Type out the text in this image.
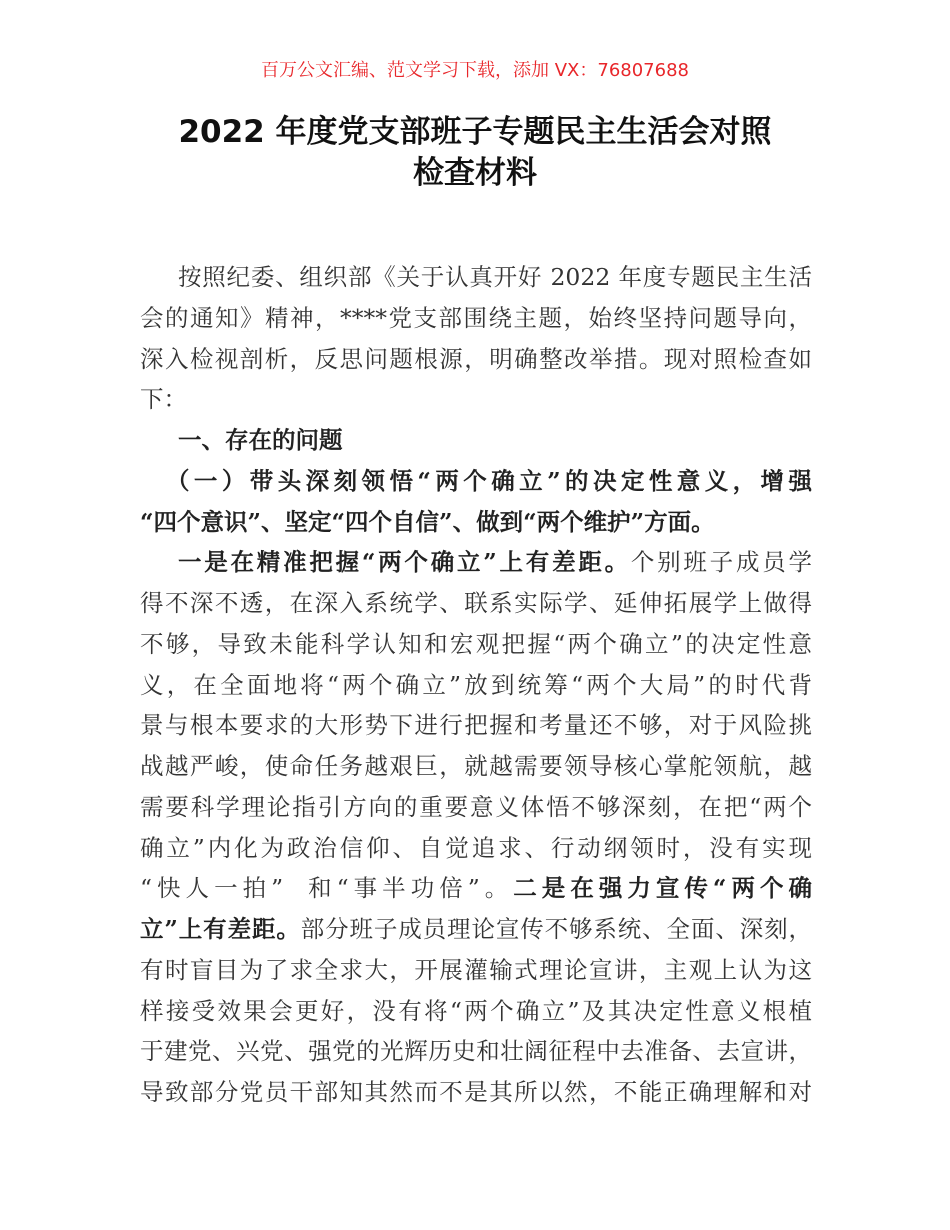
百万公文汇编、范文学习下载，添加 VX：76807688
2022 年度党支部班子专题民主生活会对照
检查材料
按照纪委、组织部《关于认真开好 2022 年度专题民主生活
会的通知》精神，****党支部围绕主题，始终坚持问题导向，
深入检视剖析，反思问题根源，明确整改举措。现对照检查如
下：
一、存在的问题
（一）带头深刻领悟“两个确立”的决定性意义，增强
“四个意识”、坚定“四个自信”、做到“两个维护”方面。
一是在精准把握“两个确立”上有差距。个别班子成员学
得不深不透，在深入系统学、联系实际学、延伸拓展学上做得
不够，导致未能科学认知和宏观把握“两个确立”的决定性意
义，在全面地将“两个确立”放到统筹“两个大局”的时代背
景与根本要求的大形势下进行把握和考量还不够，对于风险挑
战越严峻，使命任务越艰巨，就越需要领导核心掌舵领航，越
需要科学理论指引方向的重要意义体悟不够深刻，在把“两个
确立”内化为政治信仰、自觉追求、行动纲领时，没有实现
“快人一拍”  和“事半功倍”。二是在强力宣传“两个确
立”上有差距。部分班子成员理论宣传不够系统、全面、深刻，
有时盲目为了求全求大，开展灌输式理论宣讲，主观上认为这
样接受效果会更好，没有将“两个确立”及其决定性意义根植
于建党、兴党、强党的光辉历史和壮阔征程中去准备、去宣讲，
导致部分党员干部知其然而不是其所以然，不能正确理解和对
